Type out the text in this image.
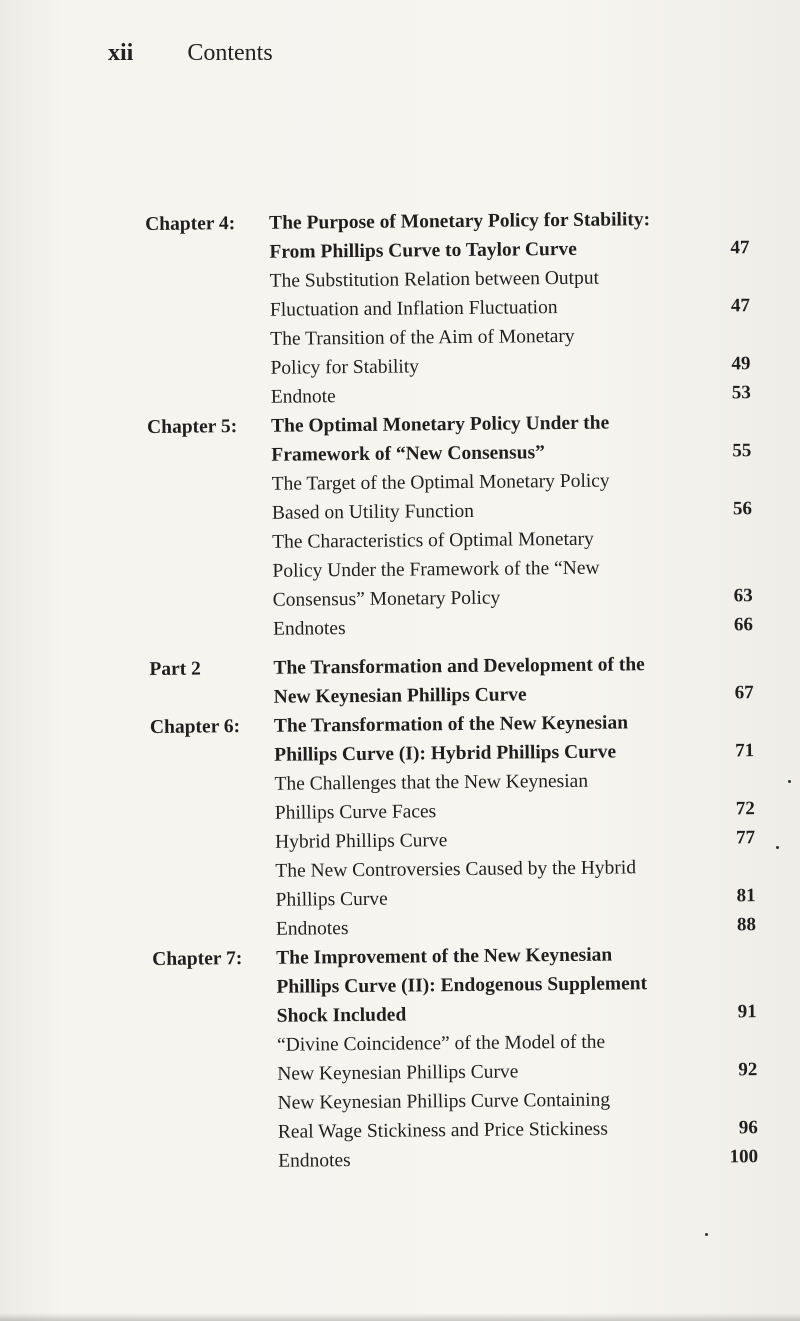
xii Contents
Chapter 4:	The Purpose of Monetary Policy for Stability:
From Phillips Curve to Taylor Curve	47
The Substitution Relation between Output
Fluctuation and Inflation Fluctuation	47
The Transition of the Aim of Monetary
Policy for Stability	49
Endnote	53
Chapter 5:	The Optimal Monetary Policy Under the
Framework of “New Consensus”	55
The Target of the Optimal Monetary Policy
Based on Utility Function	56
The Characteristics of Optimal Monetary
Policy Under the Framework of the “New
Consensus” Monetary Policy	63
Endnotes	66
Part 2	The Transformation and Development of the
New Keynesian Phillips Curve	67
Chapter 6:	The Transformation of the New Keynesian
Phillips Curve (I): Hybrid Phillips Curve	71
The Challenges that the New Keynesian
Phillips Curve Faces	72
Hybrid Phillips Curve	77
The New Controversies Caused by the Hybrid
Phillips Curve	81
Endnotes	88
Chapter 7:	The Improvement of the New Keynesian
Phillips Curve (II): Endogenous Supplement
Shock Included	91
“Divine Coincidence” of the Model of the
New Keynesian Phillips Curve	92
New Keynesian Phillips Curve Containing
Real Wage Stickiness and Price Stickiness	96
Endnotes	100
